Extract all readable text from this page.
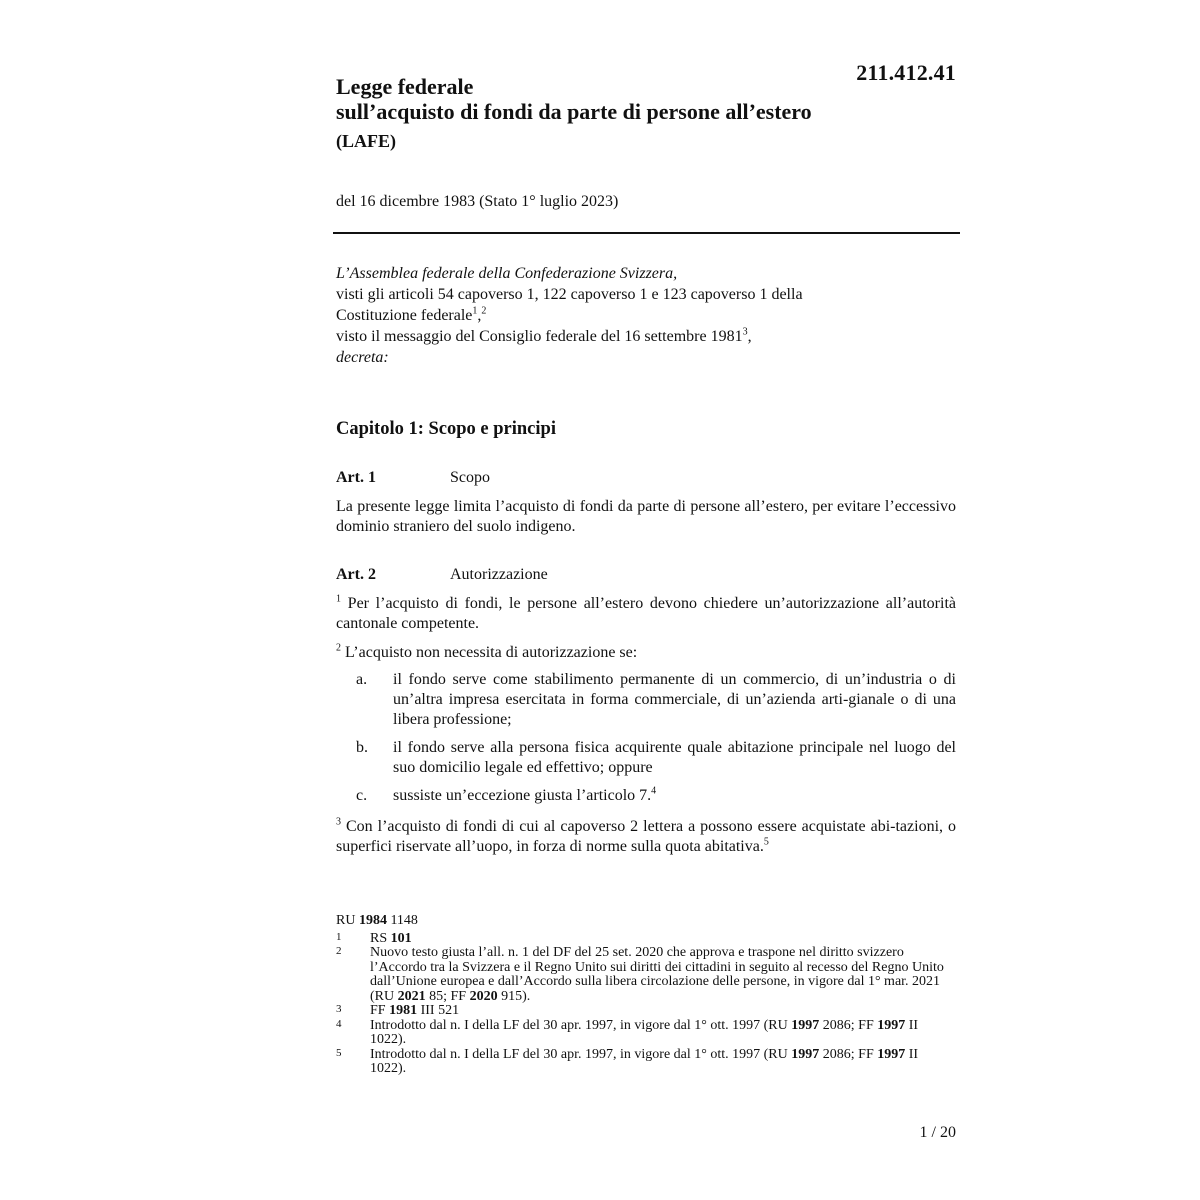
211.412.41
Legge federale
sull’acquisto di fondi da parte di persone all’estero
(LAFE)
del 16 dicembre 1983 (Stato 1° luglio 2023)

L’Assemblea federale della Confederazione Svizzera,

visti gli articoli 54 capoverso 1, 122 capoverso 1 e 123 capoverso 1 della

Costituzione federale$^1$,$^2$

visto il messaggio del Consiglio federale del 16 settembre 1981$^3$,

decreta:

Capitolo 1: Scopo e principi
Art. 1	Scopo
La presente legge limita l’acquisto di fondi da parte di persone all’estero, per evitare l’eccessivo dominio straniero del suolo indigeno.
Art. 2	Autorizzazione
$^1$ Per l’acquisto di fondi, le persone all’estero devono chiedere un’autorizzazione all’autorità cantonale competente.
$^2$ L’acquisto non necessita di autorizzazione se:
a. il fondo serve come stabilimento permanente di un commercio, di un’industria o di un’altra impresa esercitata in forma commerciale, di un’azienda arti-gianale o di una libera professione;
b. il fondo serve alla persona fisica acquirente quale abitazione principale nel luogo del suo domicilio legale ed effettivo; oppure
c. sussiste un’eccezione giusta l’articolo 7.$^4$
$^3$ Con l’acquisto di fondi di cui al capoverso 2 lettera a possono essere acquistate abi-tazioni, o superfici riservate all’uopo, in forza di norme sulla quota abitativa.$^5$
RU 1984 1148
1 RS 101
2 Nuovo testo giusta l’all. n. 1 del DF del 25 set. 2020 che approva e traspone nel diritto svizzero l’Accordo tra la Svizzera e il Regno Unito sui diritti dei cittadini in seguito al recesso del Regno Unito dall’Unione europea e dall’Accordo sulla libera circolazione delle persone, in vigore dal 1° mar. 2021 (RU 2021 85; FF 2020 915).
3 FF 1981 III 521
4 Introdotto dal n. I della LF del 30 apr. 1997, in vigore dal 1° ott. 1997 (RU 1997 2086; FF 1997 II 1022).
5 Introdotto dal n. I della LF del 30 apr. 1997, in vigore dal 1° ott. 1997 (RU 1997 2086; FF 1997 II 1022).
1 / 20
